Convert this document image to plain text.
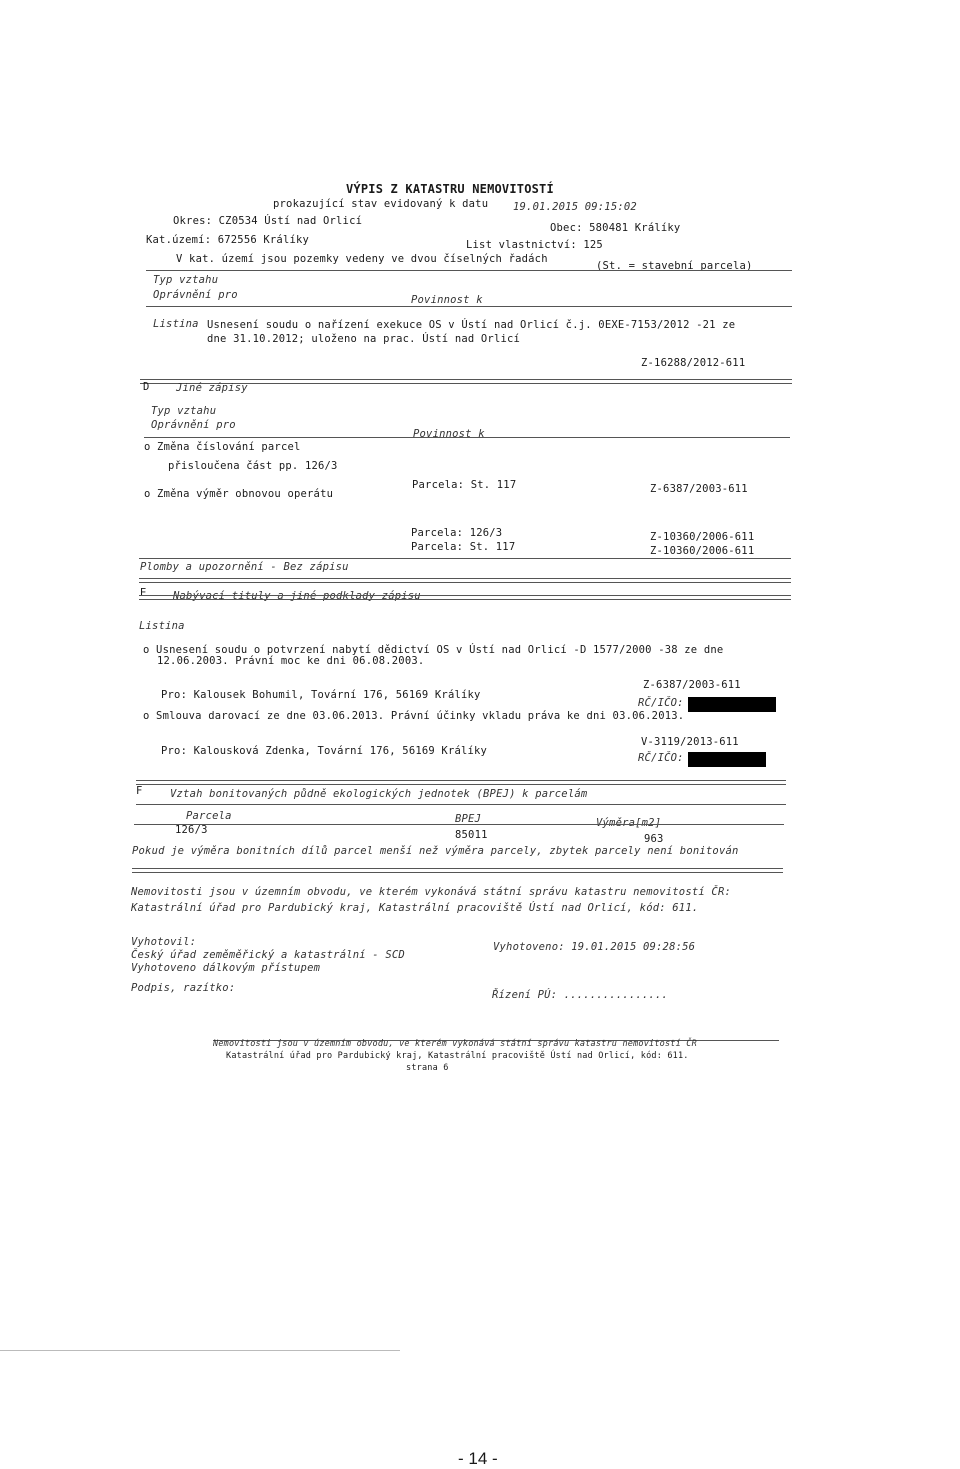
VÝPIS Z KATASTRU NEMOVITOSTÍ
prokazující stav evidovaný k datu 19.01.2015 09:15:02
Okres: CZ0534 Ústí nad Orlicí
Obec: 580481 Králíky
Kat.území: 672556 Králíky	List vlastnictví: 125
V kat. území jsou pozemky vedeny ve dvou číselných řadách
(St. = stavební parcela)
Typ vztahu
Oprávnění pro	Povinnost k
Listina Usnesení soudu o nařízení exekuce OS v Ústí nad Orlicí č.j. 0EXE-7153/2012 -21 ze
dne 31.10.2012; uloženo na prac. Ústí nad Orlicí
Z-16288/2012-611
D	Jiné zápisy
Typ vztahu
Oprávnění pro
Povinnost k
o Změna číslování parcel
přisloučena část pp. 126/3
Parcela: St. 117	Z-6387/2003-611
o Změna výměr obnovou operátu
Parcela: 126/3	Z-10360/2006-611
Parcela: St. 117	Z-10360/2006-611
Plomby a upozornění - Bez zápisu
E	Nabývací tituly a jiné podklady zápisu
Listina
o Usnesení soudu o potvrzení nabytí dědictví OS v Ústí nad Orlicí -D 1577/2000 -38 ze dne
12.06.2003. Právní moc ke dni 06.08.2003.
Z-6387/2003-611
Pro: Kalousek Bohumil, Tovární 176, 56169 Králíky
RČ/IČO:
o Smlouva darovací ze dne 03.06.2013. Právní účinky vkladu práva ke dni 03.06.2013.
V-3119/2013-611
Pro: Kalousková Zdenka, Tovární 176, 56169 Králíky
RČ/IČO:
F	Vztah bonitovaných půdně ekologických jednotek (BPEJ) k parcelám
Parcela	BPEJ	Výměra[m2]
126/3	85011	963
Pokud je výměra bonitních dílů parcel menší než výměra parcely, zbytek parcely není bonitován
Nemovitosti jsou v územním obvodu, ve kterém vykonává státní správu katastru nemovitostí ČR:
Katastrální úřad pro Pardubický kraj, Katastrální pracoviště Ústí nad Orlicí, kód: 611.
Vyhotovil:
Český úřad zeměměřický a katastrální - SCD
Vyhotoveno dálkovým přístupem
Vyhotoveno: 19.01.2015 09:28:56
Podpis, razítko:
Řízení PÚ: ................
Nemovitosti jsou v územním obvodu, ve kterém vykonává státní správu katastru nemovitostí ČR
Katastrální úřad pro Pardubický kraj, Katastrální pracoviště Ústí nad Orlicí, kód: 611.
strana 6
- 14 -
